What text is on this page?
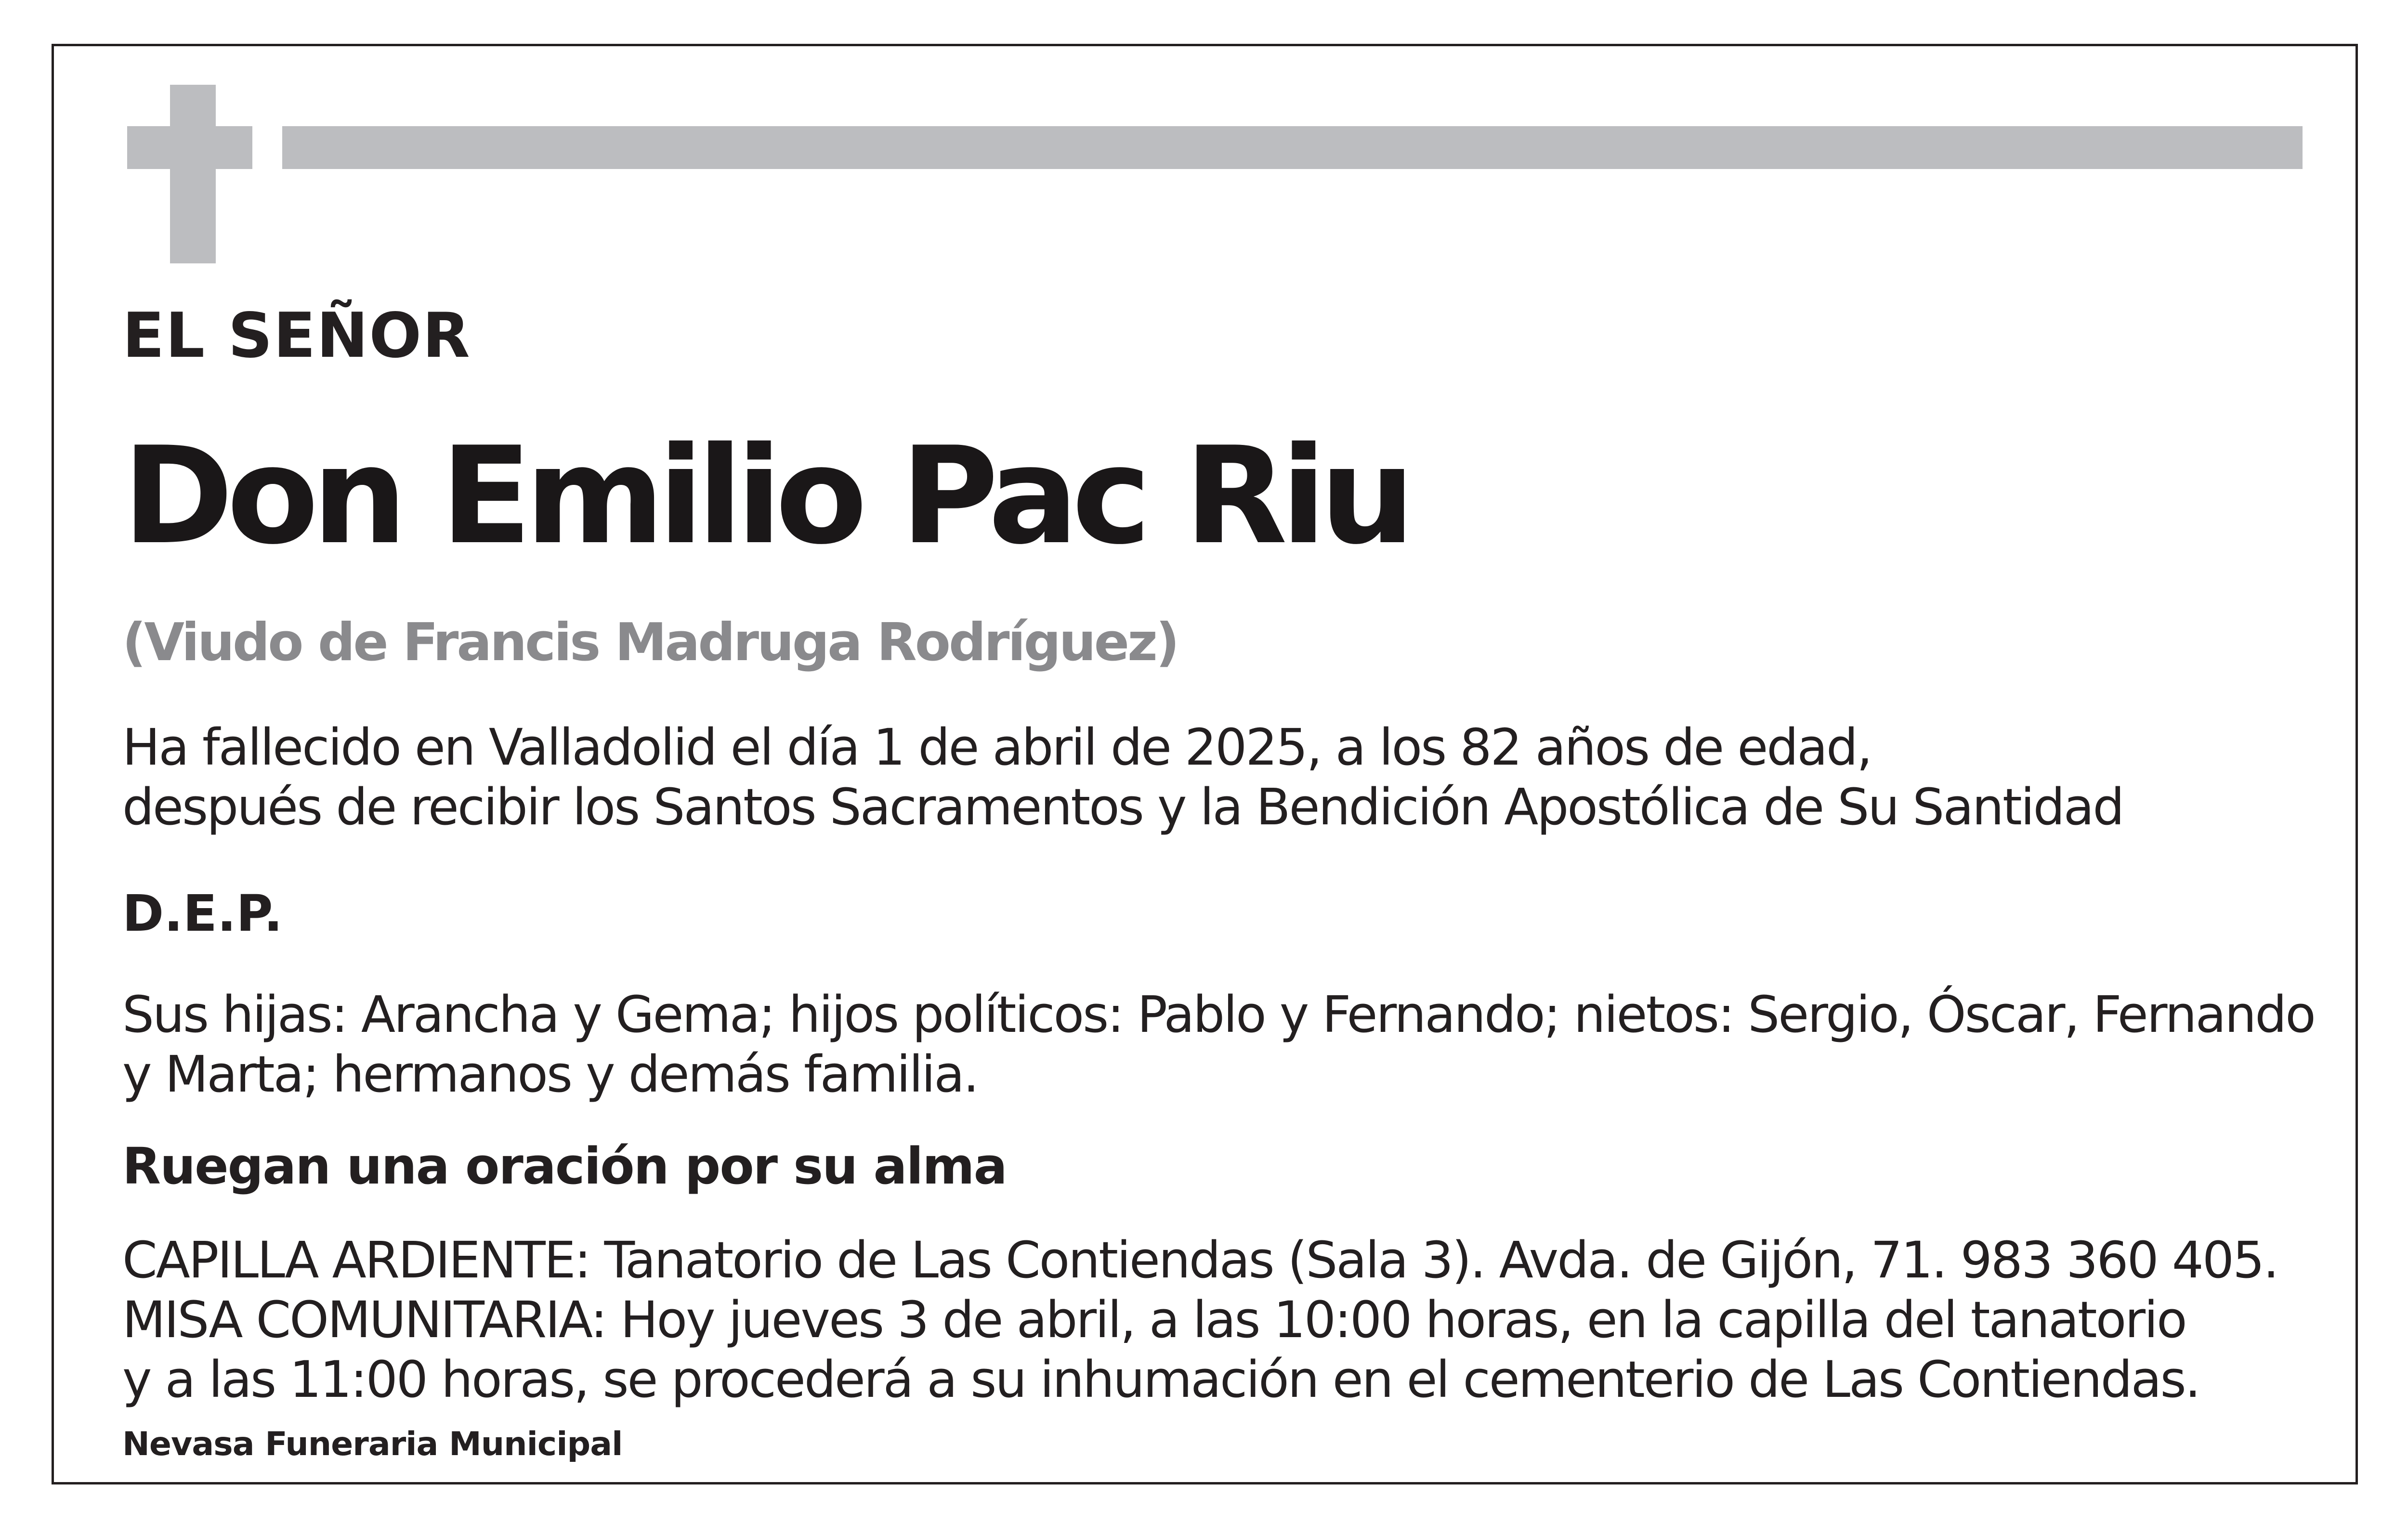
EL SEÑOR

Don Emilio Pac Riu

(Viudo de Francis Madruga Rodríguez)

Ha fallecido en Valladolid el día 1 de abril de 2025, a los 82 años de edad,
después de recibir los Santos Sacramentos y la Bendición Apostólica de Su Santidad

D.E.P.

Sus hijas: Arancha y Gema; hijos políticos: Pablo y Fernando; nietos: Sergio, Óscar, Fernando
y Marta; hermanos y demás familia.

Ruegan una oración por su alma

CAPILLA ARDIENTE: Tanatorio de Las Contiendas (Sala 3). Avda. de Gijón, 71. 983 360 405.
MISA COMUNITARIA: Hoy jueves 3 de abril, a las 10:00 horas, en la capilla del tanatorio
y a las 11:00 horas, se procederá a su inhumación en el cementerio de Las Contiendas.

Nevasa Funeraria Municipal
